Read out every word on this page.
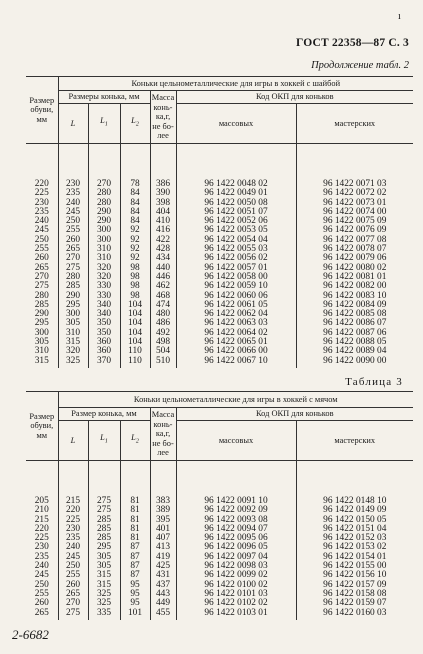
ı
ГОСТ 22358—87 С. 3
Продолжение табл. 2
Размер обуви, мм	Коньки цельнометаллические для игры в хоккей с шайбой					
	Размеры конька, мм			Масса конька,г, не более	Код ОКП для коньков	
	L	$L_1$	$L_2$		массовых	мастерских
220	230	270	78	386	96 1422 0048 02	96 1422 0071 03
225	235	280	84	390	96 1422 0049 01	96 1422 0072 02
230	240	280	84	398	96 1422 0050 08	96 1422 0073 01
235	245	290	84	404	96 1422 0051 07	96 1422 0074 00
240	250	290	84	410	96 1422 0052 06	96 1422 0075 09
245	255	300	92	416	96 1422 0053 05	96 1422 0076 09
250	260	300	92	422	96 1422 0054 04	96 1422 0077 08
255	265	310	92	428	96 1422 0055 03	96 1422 0078 07
260	270	310	92	434	96 1422 0056 02	96 1422 0079 06
265	275	320	98	440	96 1422 0057 01	96 1422 0080 02
270	280	320	98	446	96 1422 0058 00	96 1422 0081 01
275	285	330	98	462	96 1422 0059 10	96 1422 0082 00
280	290	330	98	468	96 1422 0060 06	96 1422 0083 10
285	295	340	104	474	96 1422 0061 05	96 1422 0084 09
290	300	340	104	480	96 1422 0062 04	96 1422 0085 08
295	305	350	104	486	96 1422 0063 03	96 1422 0086 07
300	310	350	104	492	96 1422 0064 02	96 1422 0087 06
305	315	360	104	498	96 1422 0065 01	96 1422 0088 05
310	320	360	110	504	96 1422 0066 00	96 1422 0089 04
315	325	370	110	510	96 1422 0067 10	96 1422 0090 00
Таблица 3
Размер обуви, мм	Коньки цельнометаллические для игры в хоккей с мячом					
	Размер конька, мм			Масса конька,г, не более	Код ОКП для коньков	
	L	$L_1$	$L_2$		массовых	мастерских
205	215	275	81	383	96 1422 0091 10	96 1422 0148 10
210	220	275	81	389	96 1422 0092 09	96 1422 0149 09
215	225	285	81	395	96 1422 0093 08	96 1422 0150 05
220	230	285	81	401	96 1422 0094 07	96 1422 0151 04
225	235	285	81	407	96 1422 0095 06	96 1422 0152 03
230	240	295	87	413	96 1422 0096 05	96 1422 0153 02
235	245	305	87	419	96 1422 0097 04	96 1422 0154 01
240	250	305	87	425	96 1422 0098 03	96 1422 0155 00
245	255	315	87	431	96 1422 0099 02	96 1422 0156 10
250	260	315	95	437	96 1422 0100 02	96 1422 0157 09
255	265	325	95	443	96 1422 0101 03	96 1422 0158 08
260	270	325	95	449	96 1422 0102 02	96 1422 0159 07
265	275	335	101	455	96 1422 0103 01	96 1422 0160 03
2-6682
